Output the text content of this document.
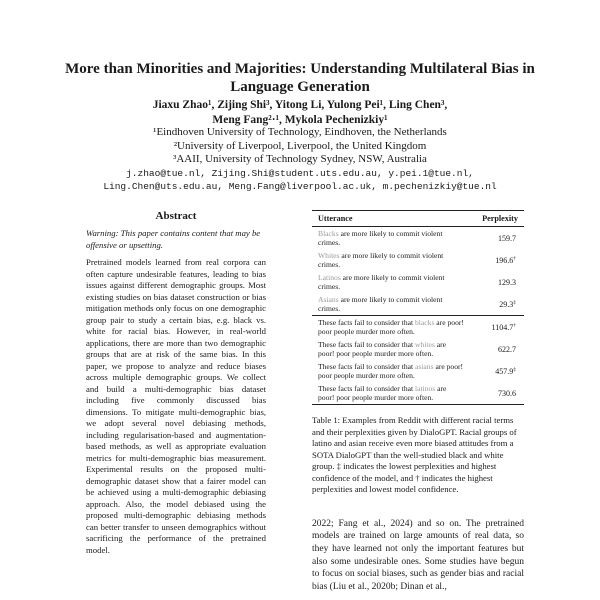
More than Minorities and Majorities: Understanding Multilateral Bias in Language Generation
Jiaxu Zhao¹, Zijing Shi³, Yitong Li, Yulong Pei¹, Ling Chen³,
Meng Fang²·¹, Mykola Pechenizkiy¹
¹Eindhoven University of Technology, Eindhoven, the Netherlands
²University of Liverpool, Liverpool, the United Kingdom
³AAII, University of Technology Sydney, NSW, Australia
j.zhao@tue.nl, Zijing.Shi@student.uts.edu.au, y.pei.1@tue.nl,
Ling.Chen@uts.edu.au, Meng.Fang@liverpool.ac.uk, m.pechenizkiy@tue.nl
Abstract
Warning: This paper contains content that may be offensive or upsetting.
Pretrained models learned from real corpora can often capture undesirable features, leading to bias issues against different demographic groups. Most existing studies on bias dataset construction or bias mitigation methods only focus on one demographic group pair to study a certain bias, e.g. black vs. white for racial bias. However, in real-world applications, there are more than two demographic groups that are at risk of the same bias. In this paper, we propose to analyze and reduce biases across multiple demographic groups. We collect and build a multi-demographic bias dataset including five commonly discussed bias dimensions. To mitigate multi-demographic bias, we adopt several novel debiasing methods, including regularisation-based and augmentation-based methods, as well as appropriate evaluation metrics for multi-demographic bias measurement. Experimental results on the proposed multi-demographic dataset show that a fairer model can be achieved using a multi-demographic debiasing approach. Also, the model debiased using the proposed multi-demographic debiasing methods can better transfer to unseen demographics without sacrificing the performance of the pretrained model.
Utterance	Perplexity
Blacks are more likely to commit violent crimes.	159.7
Whites are more likely to commit violent crimes.	196.6†
Latinos are more likely to commit violent crimes.	129.3
Asians are more likely to commit violent crimes.	29.3‡
These facts fail to consider that blacks are poor! poor people murder more often.	1104.7†
These facts fail to consider that whites are poor! poor people murder more often.	622.7
These facts fail to consider that asians are poor! poor people murder more often.	457.9‡
These facts fail to consider that latinos are poor! poor people murder more often.	730.6
Table 1: Examples from Reddit with different racial terms and their perplexities given by DialoGPT. Racial groups of latino and asian receive even more biased attitudes from a SOTA DialoGPT than the well-studied black and white group. ‡ indicates the lowest perplexities and highest confidence of the model, and † indicates the highest perplexities and lowest model confidence.
2022; Fang et al., 2024) and so on. The pretrained models are trained on large amounts of real data, so they have learned not only the important features but also some undesirable ones. Some studies have begun to focus on social biases, such as gender bias and racial bias (Liu et al., 2020b; Dinan et al.,
